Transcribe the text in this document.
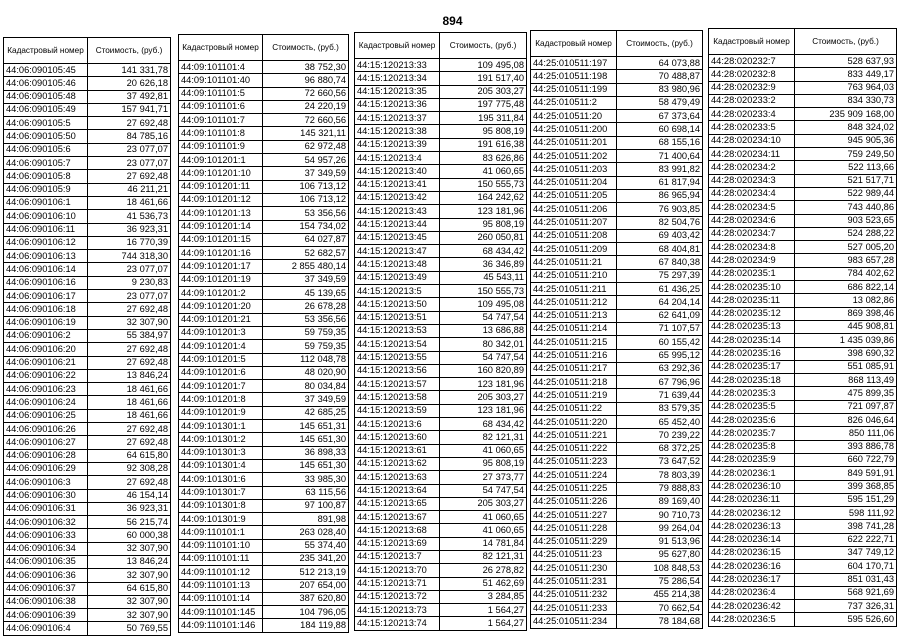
894
Кадастровый номер	Стоимость, (руб.)
44:06:090105:45	141 331,78
44:06:090105:46	20 626,18
44:06:090105:48	37 492,81
44:06:090105:49	157 941,71
44:06:090105:5	27 692,48
44:06:090105:50	84 785,16
44:06:090105:6	23 077,07
44:06:090105:7	23 077,07
44:06:090105:8	27 692,48
44:06:090105:9	46 211,21
44:06:090106:1	18 461,66
44:06:090106:10	41 536,73
44:06:090106:11	36 923,31
44:06:090106:12	16 770,39
44:06:090106:13	744 318,30
44:06:090106:14	23 077,07
44:06:090106:16	9 230,83
44:06:090106:17	23 077,07
44:06:090106:18	27 692,48
44:06:090106:19	32 307,90
44:06:090106:2	55 384,97
44:06:090106:20	27 692,48
44:06:090106:21	27 692,48
44:06:090106:22	13 846,24
44:06:090106:23	18 461,66
44:06:090106:24	18 461,66
44:06:090106:25	18 461,66
44:06:090106:26	27 692,48
44:06:090106:27	27 692,48
44:06:090106:28	64 615,80
44:06:090106:29	92 308,28
44:06:090106:3	27 692,48
44:06:090106:30	46 154,14
44:06:090106:31	36 923,31
44:06:090106:32	56 215,74
44:06:090106:33	60 000,38
44:06:090106:34	32 307,90
44:06:090106:35	13 846,24
44:06:090106:36	32 307,90
44:06:090106:37	64 615,80
44:06:090106:38	32 307,90
44:06:090106:39	32 307,90
44:06:090106:4	50 769,55
Кадастровый номер	Стоимость, (руб.)
44:09:101101:4	38 752,30
44:09:101101:40	96 880,74
44:09:101101:5	72 660,56
44:09:101101:6	24 220,19
44:09:101101:7	72 660,56
44:09:101101:8	145 321,11
44:09:101101:9	62 972,48
44:09:101201:1	54 957,26
44:09:101201:10	37 349,59
44:09:101201:11	106 713,12
44:09:101201:12	106 713,12
44:09:101201:13	53 356,56
44:09:101201:14	154 734,02
44:09:101201:15	64 027,87
44:09:101201:16	52 682,57
44:09:101201:17	2 855 480,14
44:09:101201:19	37 349,59
44:09:101201:2	45 139,65
44:09:101201:20	26 678,28
44:09:101201:21	53 356,56
44:09:101201:3	59 759,35
44:09:101201:4	59 759,35
44:09:101201:5	112 048,78
44:09:101201:6	48 020,90
44:09:101201:7	80 034,84
44:09:101201:8	37 349,59
44:09:101201:9	42 685,25
44:09:101301:1	145 651,31
44:09:101301:2	145 651,30
44:09:101301:3	36 898,33
44:09:101301:4	145 651,30
44:09:101301:6	33 985,30
44:09:101301:7	63 115,56
44:09:101301:8	97 100,87
44:09:101301:9	891,98
44:09:110101:1	263 028,40
44:09:110101:10	55 374,40
44:09:110101:11	235 341,20
44:09:110101:12	512 213,19
44:09:110101:13	207 654,00
44:09:110101:14	387 620,80
44:09:110101:145	104 796,05
44:09:110101:146	184 119,88
Кадастровый номер	Стоимость, (руб.)
44:15:120213:33	109 495,08
44:15:120213:34	191 517,40
44:15:120213:35	205 303,27
44:15:120213:36	197 775,48
44:15:120213:37	195 311,84
44:15:120213:38	95 808,19
44:15:120213:39	191 616,38
44:15:120213:4	83 626,86
44:15:120213:40	41 060,65
44:15:120213:41	150 555,73
44:15:120213:42	164 242,62
44:15:120213:43	123 181,96
44:15:120213:44	95 808,19
44:15:120213:45	260 050,81
44:15:120213:47	68 434,42
44:15:120213:48	36 346,89
44:15:120213:49	45 543,11
44:15:120213:5	150 555,73
44:15:120213:50	109 495,08
44:15:120213:51	54 747,54
44:15:120213:53	13 686,88
44:15:120213:54	80 342,01
44:15:120213:55	54 747,54
44:15:120213:56	160 820,89
44:15:120213:57	123 181,96
44:15:120213:58	205 303,27
44:15:120213:59	123 181,96
44:15:120213:6	68 434,42
44:15:120213:60	82 121,31
44:15:120213:61	41 060,65
44:15:120213:62	95 808,19
44:15:120213:63	27 373,77
44:15:120213:64	54 747,54
44:15:120213:65	205 303,27
44:15:120213:67	41 060,65
44:15:120213:68	41 060,65
44:15:120213:69	14 781,84
44:15:120213:7	82 121,31
44:15:120213:70	26 278,82
44:15:120213:71	51 462,69
44:15:120213:72	3 284,85
44:15:120213:73	1 564,27
44:15:120213:74	1 564,27
Кадастровый номер	Стоимость, (руб.)
44:25:010511:197	64 073,88
44:25:010511:198	70 488,87
44:25:010511:199	83 980,96
44:25:010511:2	58 479,49
44:25:010511:20	67 373,64
44:25:010511:200	60 698,14
44:25:010511:201	68 155,16
44:25:010511:202	71 400,64
44:25:010511:203	83 991,82
44:25:010511:204	61 817,94
44:25:010511:205	86 965,94
44:25:010511:206	76 903,85
44:25:010511:207	82 504,76
44:25:010511:208	69 403,42
44:25:010511:209	68 404,81
44:25:010511:21	67 840,38
44:25:010511:210	75 297,39
44:25:010511:211	61 436,25
44:25:010511:212	64 204,14
44:25:010511:213	62 641,09
44:25:010511:214	71 107,57
44:25:010511:215	60 155,42
44:25:010511:216	65 995,12
44:25:010511:217	63 292,36
44:25:010511:218	67 796,96
44:25:010511:219	71 639,44
44:25:010511:22	83 579,35
44:25:010511:220	65 452,40
44:25:010511:221	70 239,22
44:25:010511:222	68 372,25
44:25:010511:223	73 647,52
44:25:010511:224	78 803,39
44:25:010511:225	79 888,83
44:25:010511:226	89 169,40
44:25:010511:227	90 710,73
44:25:010511:228	99 264,04
44:25:010511:229	91 513,96
44:25:010511:23	95 627,80
44:25:010511:230	108 848,53
44:25:010511:231	75 286,54
44:25:010511:232	455 214,38
44:25:010511:233	70 662,54
44:25:010511:234	78 184,68
Кадастровый номер	Стоимость, (руб.)
44:28:020232:7	528 637,93
44:28:020232:8	833 449,17
44:28:020232:9	763 964,03
44:28:020233:2	834 330,73
44:28:020233:4	235 909 168,00
44:28:020233:5	848 324,02
44:28:020234:10	945 905,36
44:28:020234:11	759 249,50
44:28:020234:2	522 113,66
44:28:020234:3	521 517,71
44:28:020234:4	522 989,44
44:28:020234:5	743 440,86
44:28:020234:6	903 523,65
44:28:020234:7	524 288,22
44:28:020234:8	527 005,20
44:28:020234:9	983 657,28
44:28:020235:1	784 402,62
44:28:020235:10	686 822,14
44:28:020235:11	13 082,86
44:28:020235:12	869 398,46
44:28:020235:13	445 908,81
44:28:020235:14	1 435 039,86
44:28:020235:16	398 690,32
44:28:020235:17	551 085,91
44:28:020235:18	868 113,49
44:28:020235:3	475 899,35
44:28:020235:5	721 097,87
44:28:020235:6	826 046,64
44:28:020235:7	850 111,06
44:28:020235:8	393 886,78
44:28:020235:9	660 722,79
44:28:020236:1	849 591,91
44:28:020236:10	399 368,85
44:28:020236:11	595 151,29
44:28:020236:12	598 111,92
44:28:020236:13	398 741,28
44:28:020236:14	622 222,71
44:28:020236:15	347 749,12
44:28:020236:16	604 170,71
44:28:020236:17	851 031,43
44:28:020236:4	568 921,69
44:28:020236:42	737 326,31
44:28:020236:5	595 526,60
